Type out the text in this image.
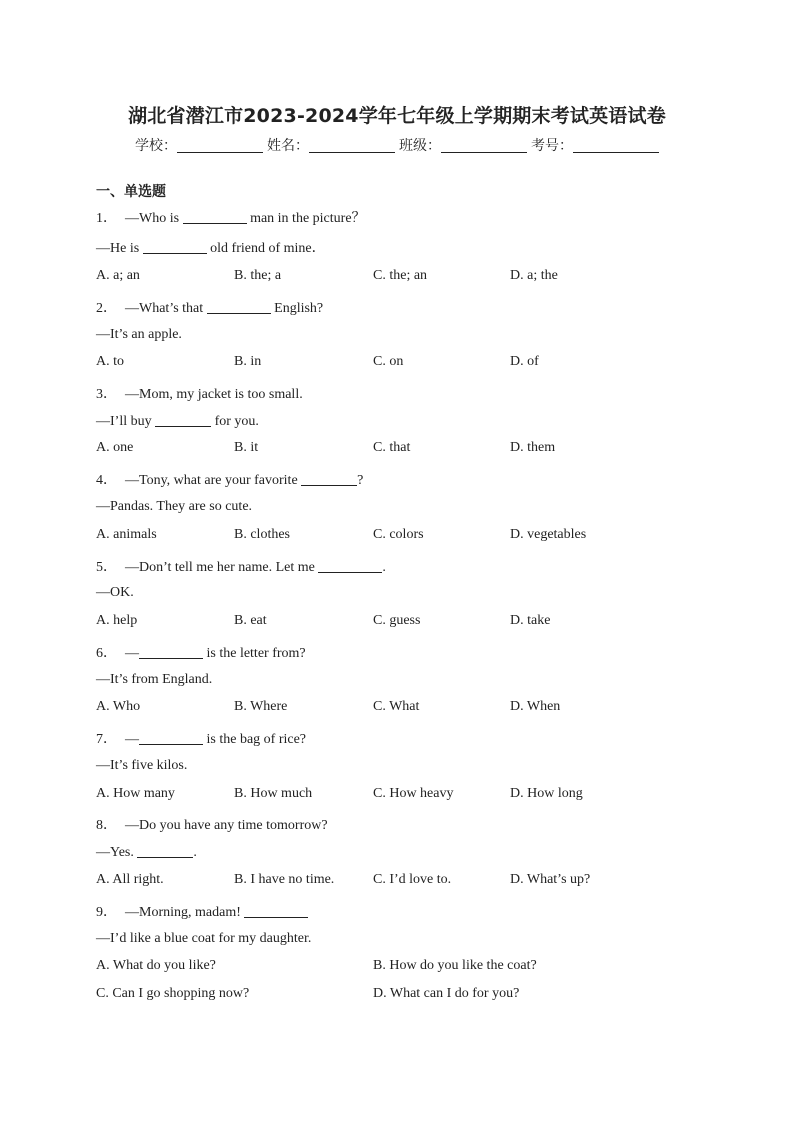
湖北省潜江市2023-2024学年七年级上学期期末考试英语试卷
学校：	姓名：	班级：	考号：
一、单选题
1． —Who is	man in the picture？
—He is	old friend of mine．
A. a; an	B. the; a	C. the; an	D. a; the
2． —What’s that	English?
—It’s an apple.
A. to	B. in	C. on	D. of
3． —Mom, my jacket is too small.
—I’ll buy	for you.
A. one	B. it	C. that	D. them
4． —Tony, what are your favorite	?
—Pandas. They are so cute.
A. animals	B. clothes	C. colors	D. vegetables
5． —Don’t tell me her name. Let me	.
—OK.
A. help	B. eat	C. guess	D. take
6． —	is the letter from?
—It’s from England.
A. Who	B. Where	C. What	D. When
7． —	is the bag of rice?
—It’s five kilos.
A. How many	B. How much	C. How heavy	D. How long
8． —Do you have any time tomorrow?
—Yes.	.
A. All right.	B. I have no time.	C. I’d love to.	D. What’s up?
9． —Morning, madam!
—I’d like a blue coat for my daughter.
A. What do you like?	B. How do you like the coat?
C. Can I go shopping now?	D. What can I do for you?
